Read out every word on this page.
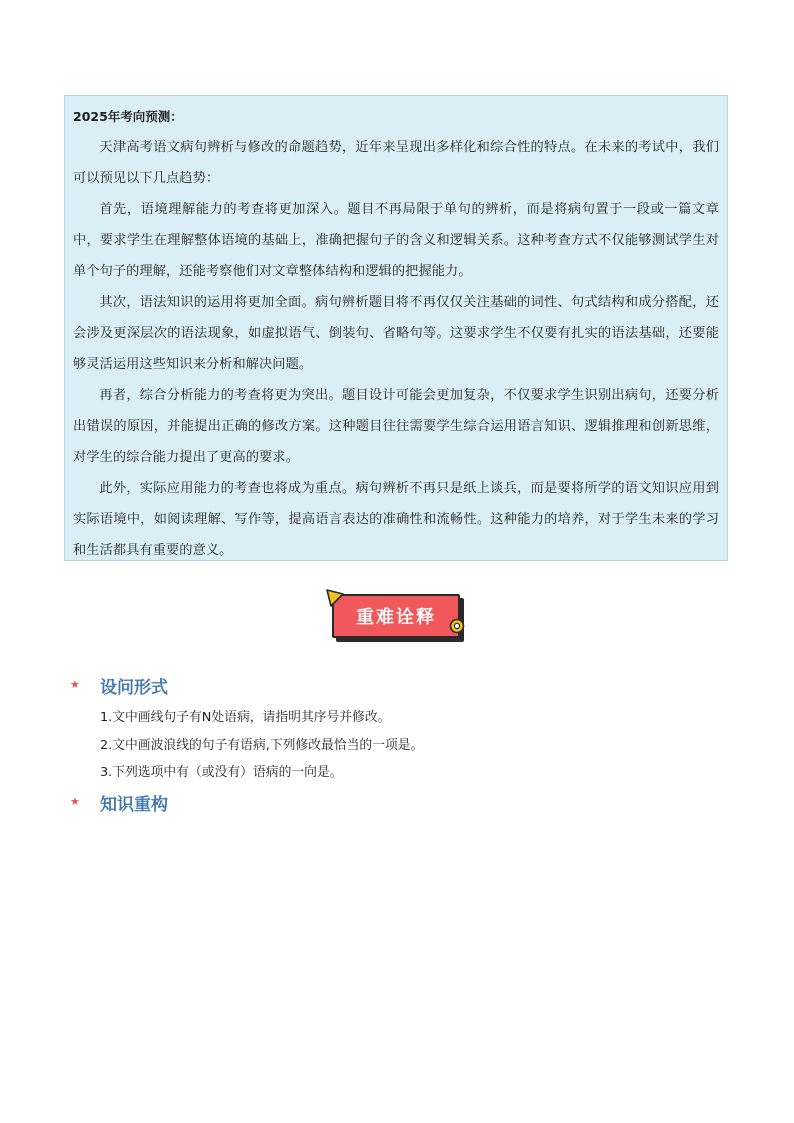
2025年考向预测：

天津高考语文病句辨析与修改的命题趋势，近年来呈现出多样化和综合性的特点。在未来的考试中，我们可以预见以下几点趋势：

首先，语境理解能力的考查将更加深入。题目不再局限于单句的辨析，而是将病句置于一段或一篇文章中，要求学生在理解整体语境的基础上，准确把握句子的含义和逻辑关系。这种考查方式不仅能够测试学生对单个句子的理解，还能考察他们对文章整体结构和逻辑的把握能力。

其次，语法知识的运用将更加全面。病句辨析题目将不再仅仅关注基础的词性、句式结构和成分搭配，还会涉及更深层次的语法现象，如虚拟语气、倒装句、省略句等。这要求学生不仅要有扎实的语法基础，还要能够灵活运用这些知识来分析和解决问题。

再者，综合分析能力的考查将更为突出。题目设计可能会更加复杂，不仅要求学生识别出病句，还要分析出错误的原因，并能提出正确的修改方案。这种题目往往需要学生综合运用语言知识、逻辑推理和创新思维，对学生的综合能力提出了更高的要求。

此外，实际应用能力的考查也将成为重点。病句辨析不再只是纸上谈兵，而是要将所学的语文知识应用到实际语境中，如阅读理解、写作等，提高语言表达的准确性和流畅性。这种能力的培养，对于学生未来的学习和生活都具有重要的意义。

重难诠释
★	设问形式
1.文中画线句子有N处语病，请指明其序号并修改。
2.文中画波浪线的句子有语病,下列修改最恰当的一项是。
3.下列选项中有（或没有）语病的一向是。
★	知识重构
